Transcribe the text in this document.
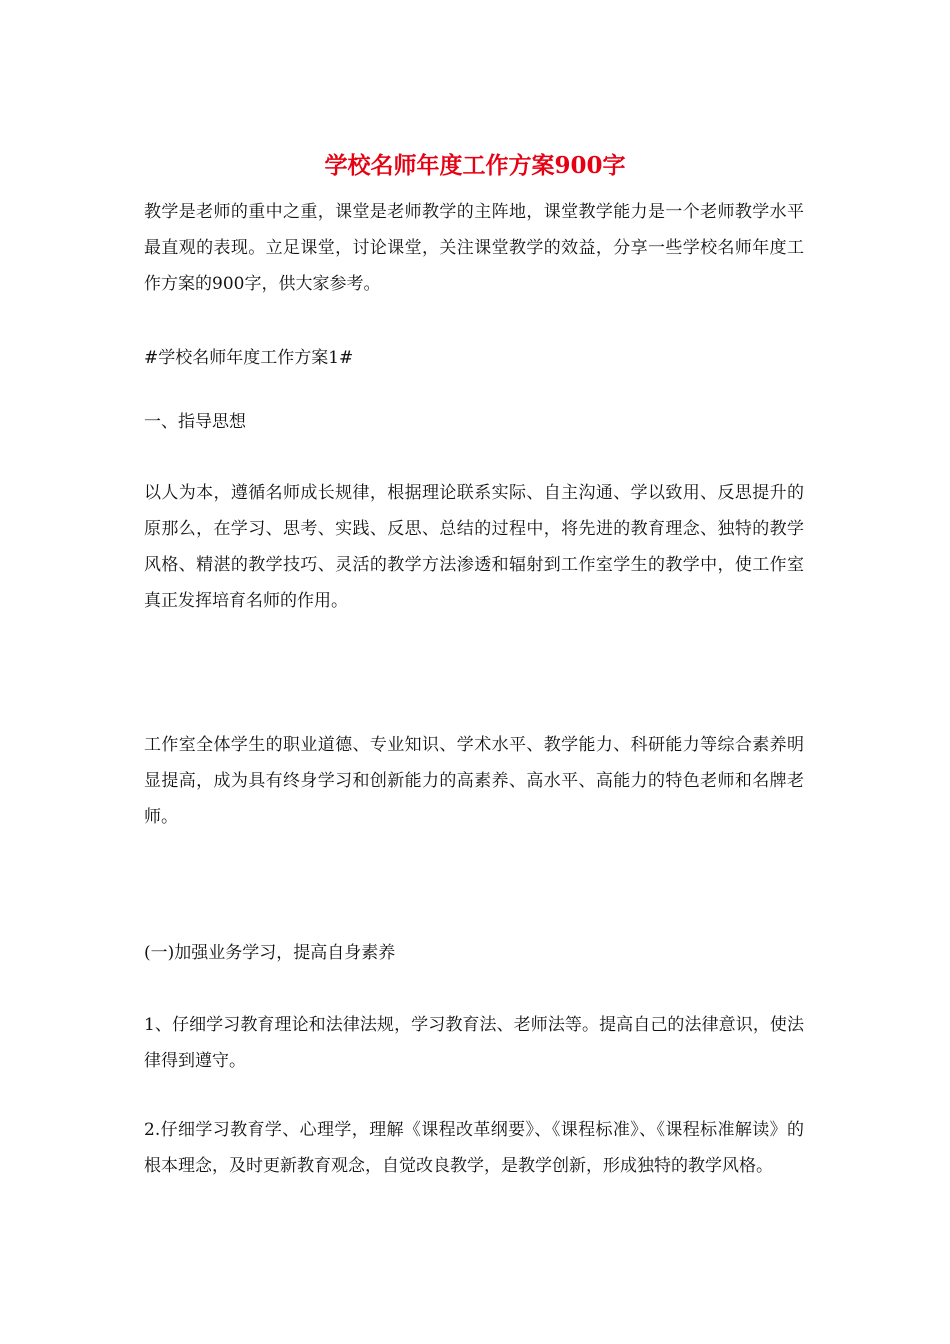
学校名师年度工作方案900字

教学是老师的重中之重，课堂是老师教学的主阵地，课堂教学能力是一个老师教学水平最直观的表现。立足课堂，讨论课堂，关注课堂教学的效益，分享一些学校名师年度工作方案的900字，供大家参考。

#学校名师年度工作方案1#

一、指导思想

以人为本，遵循名师成长规律，根据理论联系实际、自主沟通、学以致用、反思提升的原那么，在学习、思考、实践、反思、总结的过程中，将先进的教育理念、独特的教学风格、精湛的教学技巧、灵活的教学方法渗透和辐射到工作室学生的教学中，使工作室真正发挥培育名师的作用。

工作室全体学生的职业道德、专业知识、学术水平、教学能力、科研能力等综合素养明显提高，成为具有终身学习和创新能力的高素养、高水平、高能力的特色老师和名牌老师。

(一)加强业务学习，提高自身素养

1、仔细学习教育理论和法律法规，学习教育法、老师法等。提高自己的法律意识，使法律得到遵守。

2.仔细学习教育学、心理学，理解《课程改革纲要》、《课程标准》、《课程标准解读》的根本理念，及时更新教育观念，自觉改良教学，是教学创新，形成独特的教学风格。
